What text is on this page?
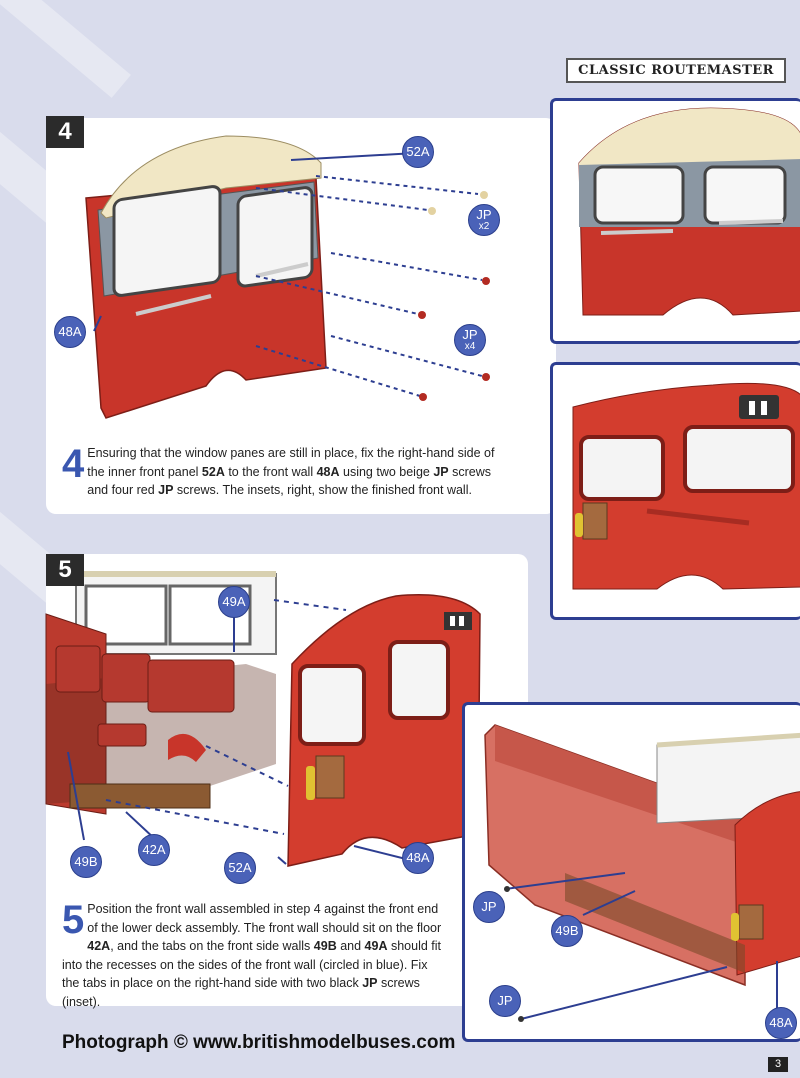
CLASSIC ROUTEMASTER
4
52A
JP
x2
48A	JP
x4
4 Ensuring that the window panes are still in place, fix the right-hand side of the inner front panel 52A to the front wall 48A using two beige JP screws and four red JP screws. The insets, right, show the finished front wall.
5
49A
49B
42A
52A
48A
5 Position the front wall assembled in step 4 against the front end of the lower deck assembly. The front wall should sit on the floor 42A, and the tabs on the front side walls 49B and 49A should fit into the recesses on the sides of the front wall (circled in blue). Fix the tabs in place on the right-hand side with two black JP screws (inset).
JP
49B
JP
48A
Photograph © www.britishmodelbuses.com
3
